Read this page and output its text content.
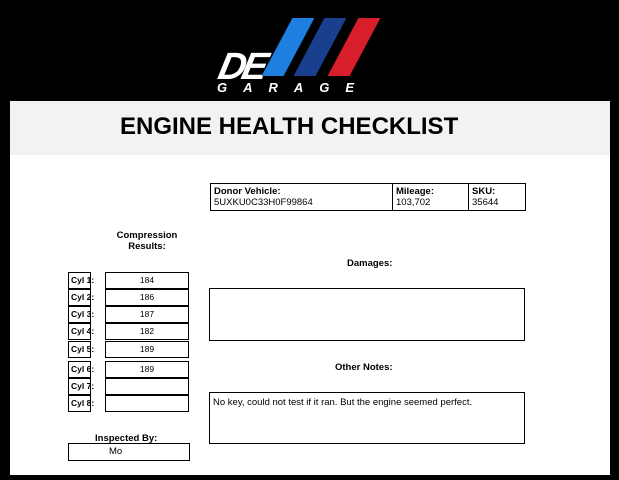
DE
GARAGE
ENGINE HEALTH CHECKLIST
Donor Vehicle:
5UXKU0C33H0F99864
Mileage:
103,702
SKU:
35644
Compression Results:
Cyl 1:	184
Cyl 2:	186
Cyl 3:	187
Cyl 4:	182
Cyl 5:	189
Cyl 6:	189
Cyl 7:
Cyl 8:
Damages:
Other Notes:
No key, could not test if it ran. But the engine seemed perfect.
Inspected By:
Mo
